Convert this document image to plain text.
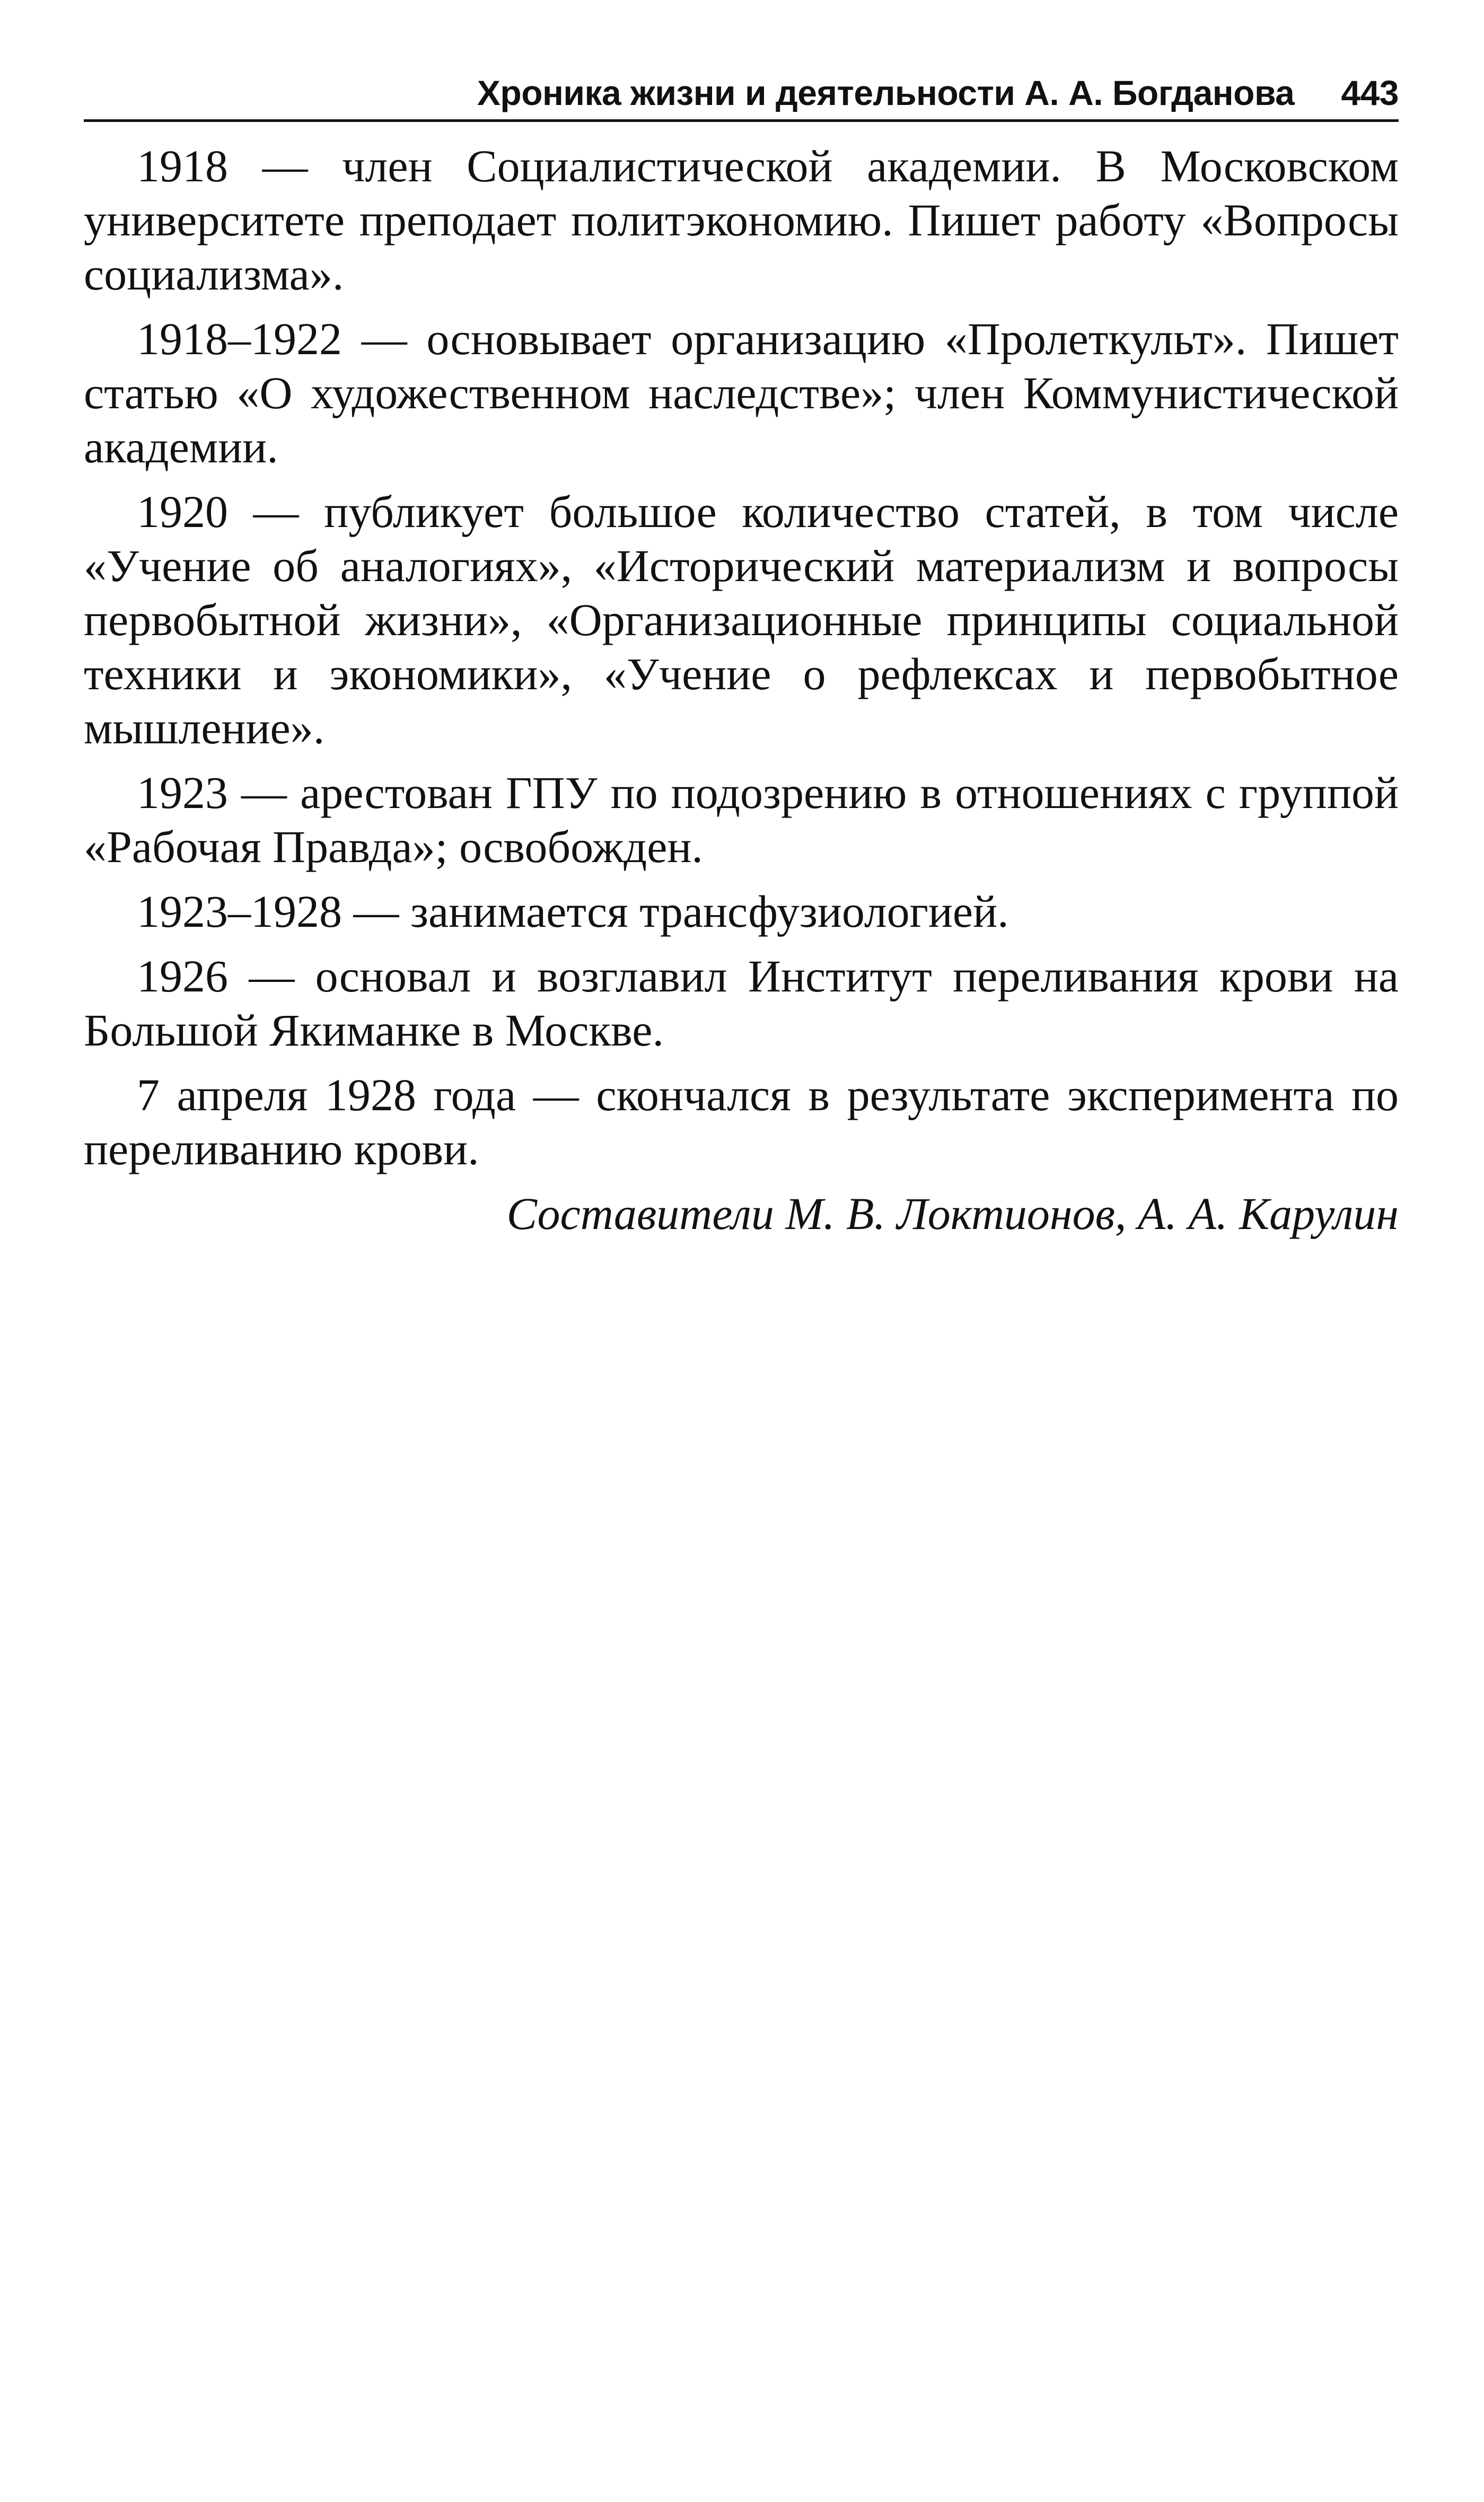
Хроника жизни и деятельности А. А. Богданова 443

1918 — член Социалистической академии. В Московском университете преподает политэкономию. Пишет работу «Вопросы социализма».

1918–1922 — основывает организацию «Пролеткульт». Пишет статью «О художественном наследстве»; член Коммунистической академии.

1920 — публикует большое количество статей, в том числе «Учение об аналогиях», «Исторический материализм и вопросы первобытной жизни», «Организационные принципы социальной техники и экономики», «Учение о рефлексах и первобытное мышление».

1923 — арестован ГПУ по подозрению в отношениях с группой «Рабочая Правда»; освобожден.

1923–1928 — занимается трансфузиологией.

1926 — основал и возглавил Институт переливания крови на Большой Якиманке в Москве.

7 апреля 1928 года — скончался в результате эксперимента по переливанию крови.

Составители М. В. Локтионов, А. А. Карулин
